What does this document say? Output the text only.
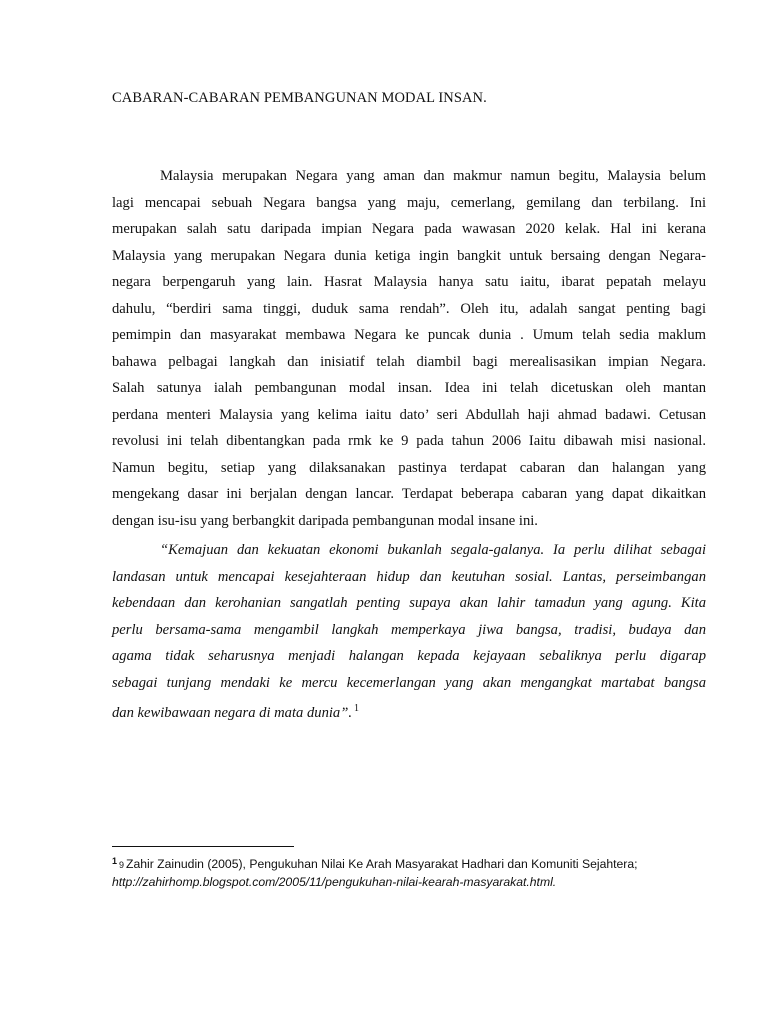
CABARAN-CABARAN PEMBANGUNAN MODAL INSAN.
Malaysia merupakan Negara yang aman dan makmur namun begitu, Malaysia belum
lagi mencapai sebuah Negara bangsa yang maju, cemerlang, gemilang dan terbilang. Ini
merupakan salah satu daripada impian Negara pada wawasan 2020 kelak. Hal ini kerana
Malaysia yang merupakan Negara dunia ketiga ingin bangkit untuk bersaing dengan Negara-
negara berpengaruh yang lain. Hasrat Malaysia hanya satu iaitu, ibarat pepatah melayu
dahulu, “berdiri sama tinggi, duduk sama rendah”. Oleh itu, adalah sangat penting bagi
pemimpin dan masyarakat membawa Negara ke puncak dunia . Umum telah sedia maklum
bahawa pelbagai langkah dan inisiatif telah diambil bagi merealisasikan impian Negara.
Salah satunya ialah pembangunan modal insan. Idea ini telah dicetuskan oleh mantan
perdana menteri Malaysia yang kelima iaitu dato’ seri Abdullah haji ahmad badawi. Cetusan
revolusi ini telah dibentangkan pada rmk ke 9 pada tahun 2006 Iaitu dibawah misi nasional.
Namun begitu, setiap yang dilaksanakan pastinya terdapat cabaran dan halangan yang
mengekang dasar ini berjalan dengan lancar. Terdapat beberapa cabaran yang dapat dikaitkan
dengan isu-isu yang berbangkit daripada pembangunan modal insane ini.
“Kemajuan dan kekuatan ekonomi bukanlah segala-galanya. Ia perlu dilihat sebagai
landasan untuk mencapai kesejahteraan hidup dan keutuhan sosial. Lantas, perseimbangan
kebendaan dan kerohanian sangatlah penting supaya akan lahir tamadun yang agung. Kita
perlu bersama-sama mengambil langkah memperkaya jiwa bangsa, tradisi, budaya dan
agama tidak seharusnya menjadi halangan kepada kejayaan sebaliknya perlu digarap
sebagai tunjang mendaki ke mercu kecemerlangan yang akan mengangkat martabat bangsa
dan kewibawaan negara di mata dunia”. $^1$
$^1$ 9 Zahir Zainudin (2005), Pengukuhan Nilai Ke Arah Masyarakat Hadhari dan Komuniti Sejahtera;
http://zahirhomp.blogspot.com/2005/11/pengukuhan-nilai-kearah-masyarakat.html.
